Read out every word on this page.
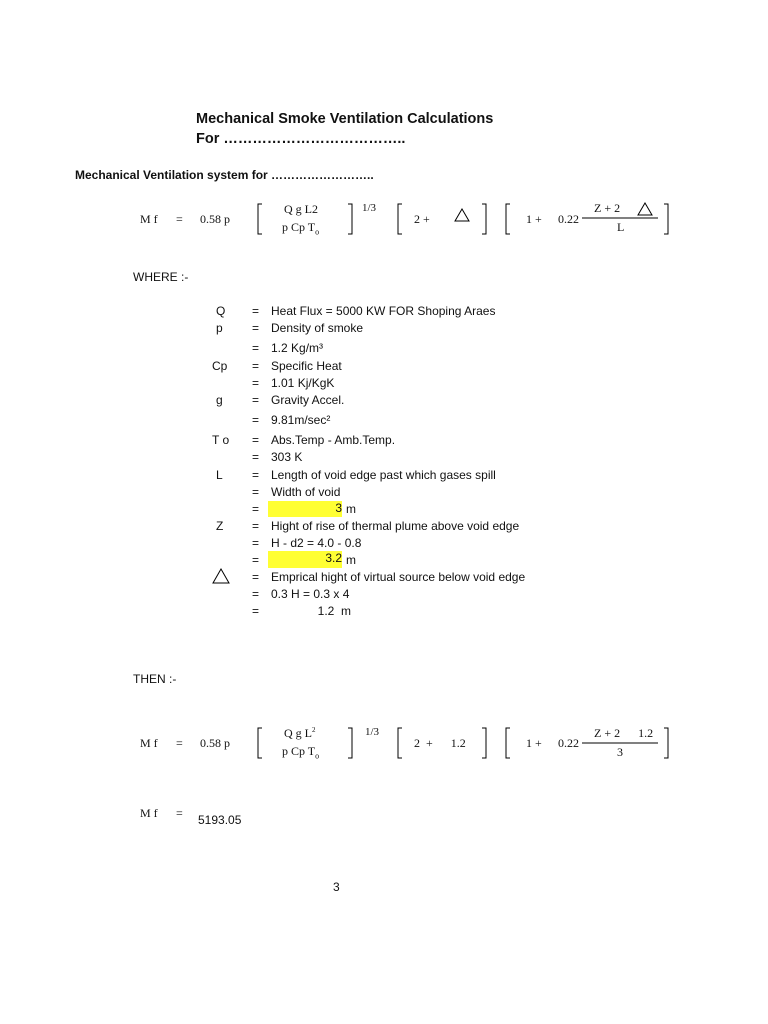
Mechanical Smoke Ventilation Calculations
For ………………………………..
Mechanical Ventilation system for ……………………..
M f = 0.58 p
Q g L2
p Cp $T_o$
1/3
2 +	1 + 0.22
Z + 2
L
WHERE :-
Q = Heat Flux = 5000 KW FOR Shoping Araes
p = Density of smoke
= 1.2 Kg/m³
Cp = Specific Heat
= 1.01 Kj/KgK
g = Gravity Accel.
= 9.81m/sec²
T o = Abs.Temp - Amb.Temp.
= 303 K
L = Length of void edge past which gases spill
= Width of void
=	3 m
Z = Hight of rise of thermal plume above void edge
= H - d2 = 4.0 - 0.8
=	3.2 m
= Emprical hight of virtual source below void edge
= 0.3 H = 0.3 x 4
= 1.2  m
THEN :-
M f = 0.58 p
Q g $L^2$
p Cp $T_o$
1/3
2  +      1.2	1 + 0.22
Z + 2      1.2
3
M f = 5193.05
3
